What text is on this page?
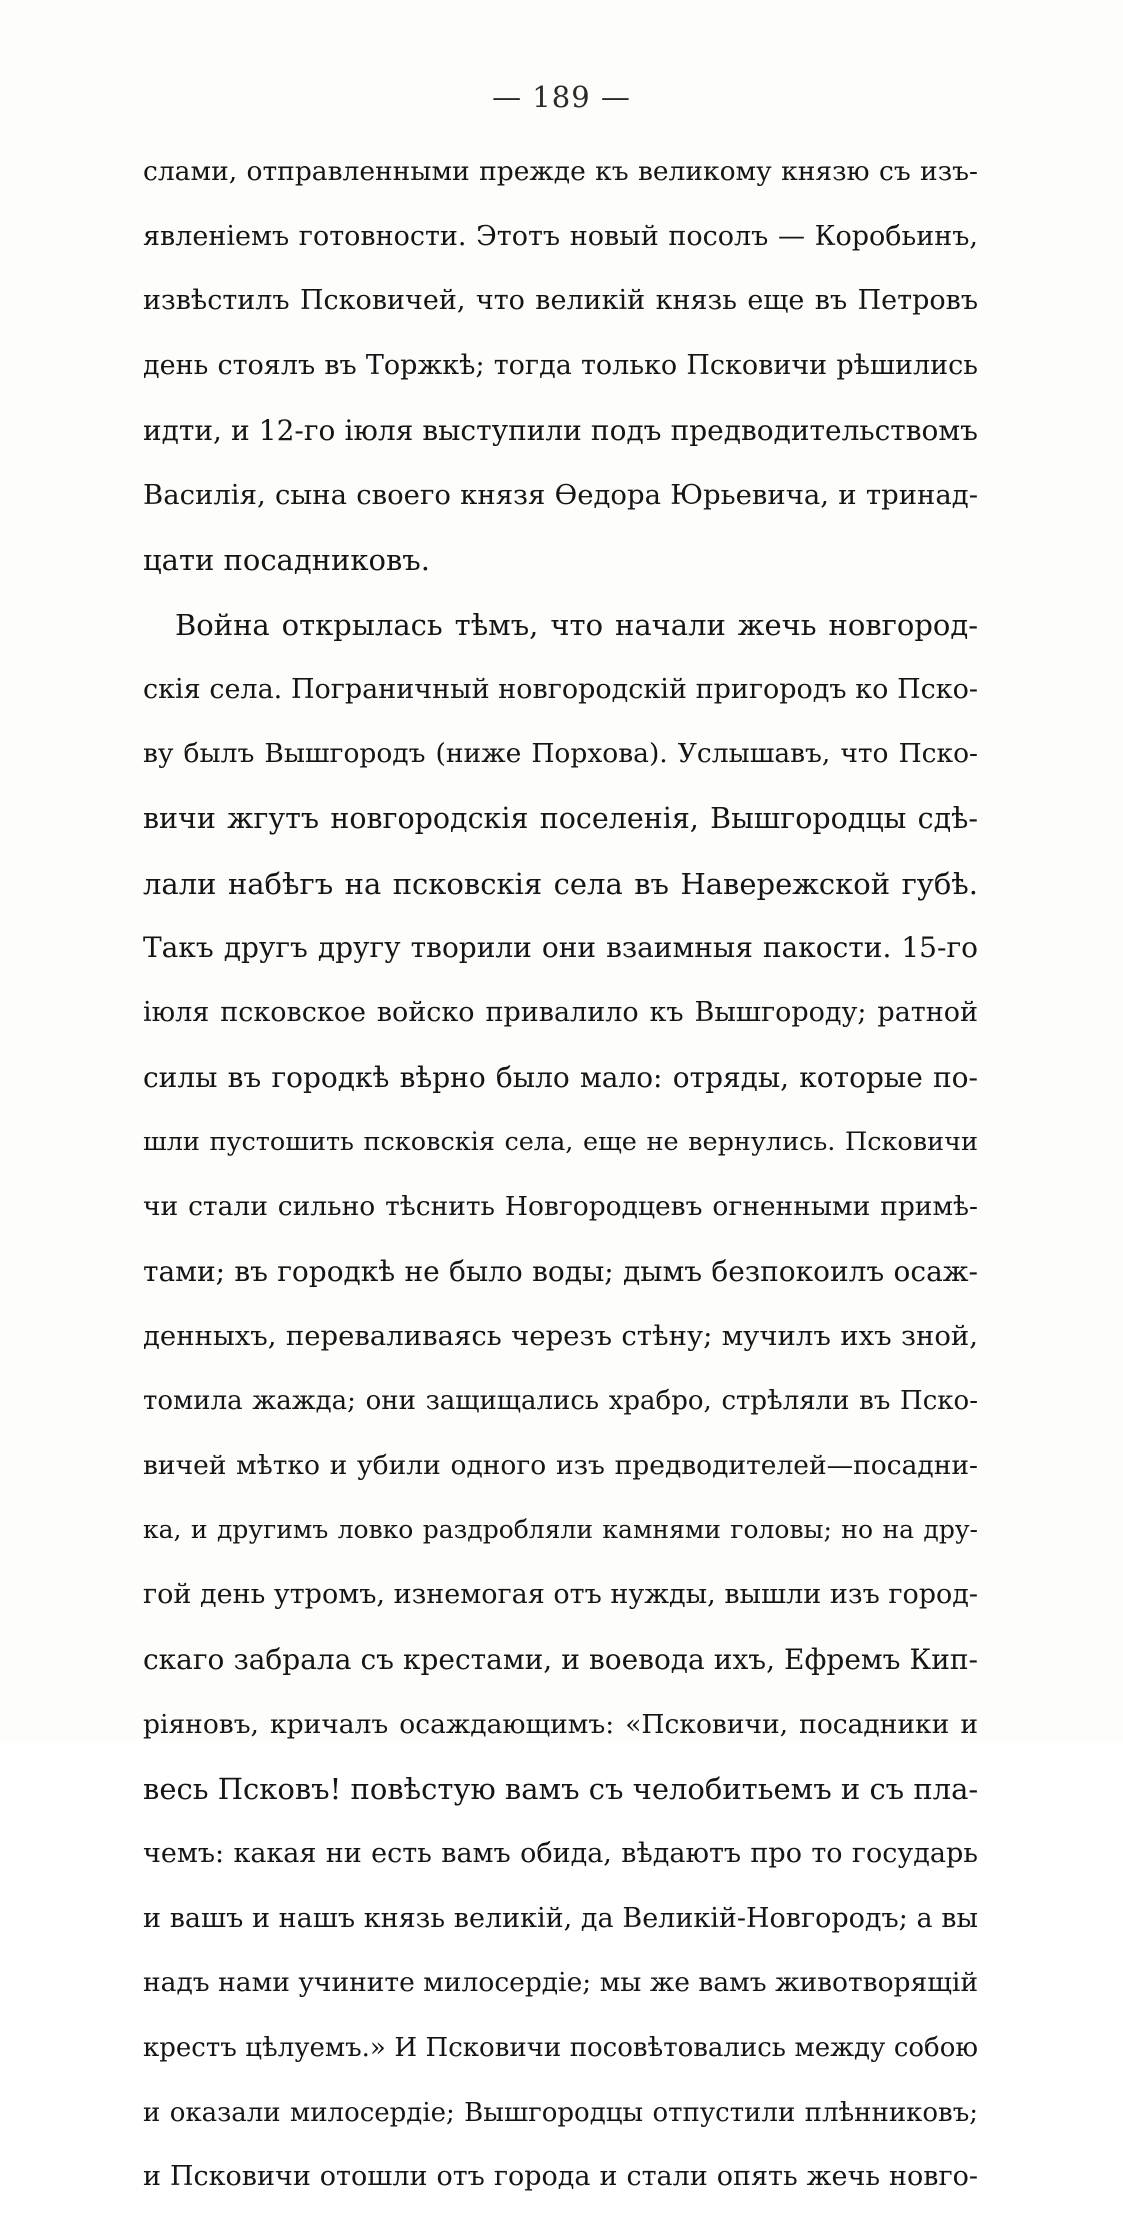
— 189 —
слами, отправленными прежде къ великому князю съ изъ-
явленіемъ готовности. Этотъ новый посолъ — Коробьинъ,
извѣстилъ Псковичей, что великій князь еще въ Петровъ
день стоялъ въ Торжкѣ; тогда только Псковичи рѣшились
идти, и 12-го іюля выступили подъ предводительствомъ
Василія, сына своего князя Ѳедора Юрьевича, и тринад-
цати посадниковъ.
Война открылась тѣмъ, что начали жечь новгород-
скія села. Пограничный новгородскій пригородъ ко Пско-
ву былъ Вышгородъ (ниже Порхова). Услышавъ, что Пско-
вичи жгутъ новгородскія поселенія, Вышгородцы сдѣ-
лали набѣгъ на псковскія села въ Наверeжской губѣ.
Такъ другъ другу творили они взаимныя пакости. 15-го
іюля псковское войско привалило къ Вышгороду; ратной
силы въ городкѣ вѣрно было мало: отряды, которые по-
шли пустошить псковскія села, еще не вернулись. Псковичи
чи стали сильно тѣснить Новгородцевъ огненными примѣ-
тами; въ городкѣ не было воды; дымъ безпокоилъ осаж-
денныхъ, переваливаясь черезъ стѣну; мучилъ ихъ зной,
томила жажда; они защищались храбро, стрѣляли въ Пско-
вичей мѣтко и убили одного изъ предводителей—посадни-
ка, и другимъ ловко раздробляли камнями головы; но на дру-
гой день утромъ, изнемогая отъ нужды, вышли изъ город-
скаго забрала съ крестами, и воевода ихъ, Ефремъ Кип-
ріяновъ, кричалъ осаждающимъ: «Псковичи, посадники и
весь Псковъ! повѣстую вамъ съ челобитьемъ и съ пла-
чемъ: какая ни есть вамъ обида, вѣдаютъ про то государь
и вашъ и нашъ князь великій, да Великій-Новгородъ; а вы
надъ нами учините милосердіе; мы же вамъ животворящій
крестъ цѣлуемъ.» И Псковичи посовѣтовались между собою
и оказали милосердіе; Вышгородцы отпустили плѣнниковъ;
и Псковичи отошли отъ города и стали опять жечь новго-
